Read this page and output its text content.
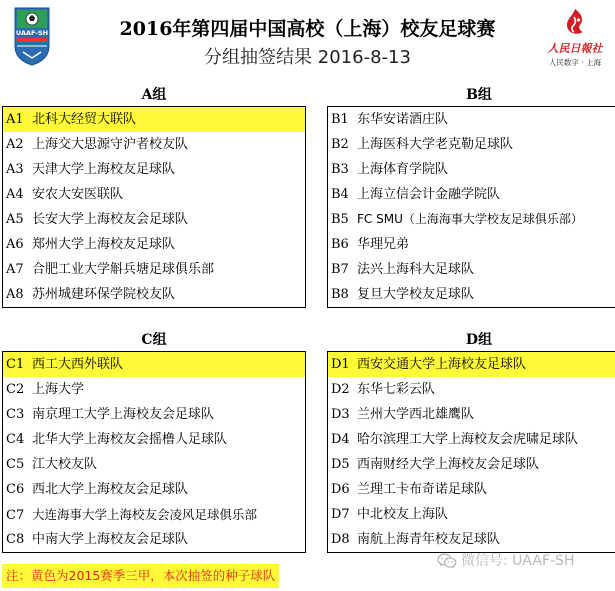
UAAF-SH	2016年第四届中国高校（上海）校友足球赛
分组抽签结果 2016-8-13	人民日報社
人民数字 · 上海
A组
A1 北科大经贸大联队
A2 上海交大思源守沪者校友队
A3 天津大学上海校友足球队
A4 安农大安医联队
A5 长安大学上海校友会足球队
A6 郑州大学上海校友足球队
A7 合肥工业大学斛兵塘足球俱乐部
A8 苏州城建环保学院校友队
B组
B1 东华安诺酒庄队
B2 上海医科大学老克勒足球队
B3 上海体育学院队
B4 上海立信会计金融学院队
B5 FC SMU（上海海事大学校友足球俱乐部）
B6 华理兄弟
B7 法兴上海科大足球队
B8 复旦大学校友足球队
C组
C1 西工大西外联队
C2 上海大学
C3 南京理工大学上海校友会足球队
C4 北华大学上海校友会摇橹人足球队
C5 江大校友队
C6 西北大学上海校友会足球队
C7 大连海事大学上海校友会凌风足球俱乐部
C8 中南大学上海校友会足球队
D组
D1 西安交通大学上海校友足球队
D2 东华七彩云队
D3 兰州大学西北雄鹰队
D4 哈尔滨理工大学上海校友会虎啸足球队
D5 西南财经大学上海校友会足球队
D6 兰理工卡布奇诺足球队
D7 中北校友上海队
D8 南航上海青年校友足球队
微信号: UAAF-SH
注：黄色为2015赛季三甲，本次抽签的种子球队
